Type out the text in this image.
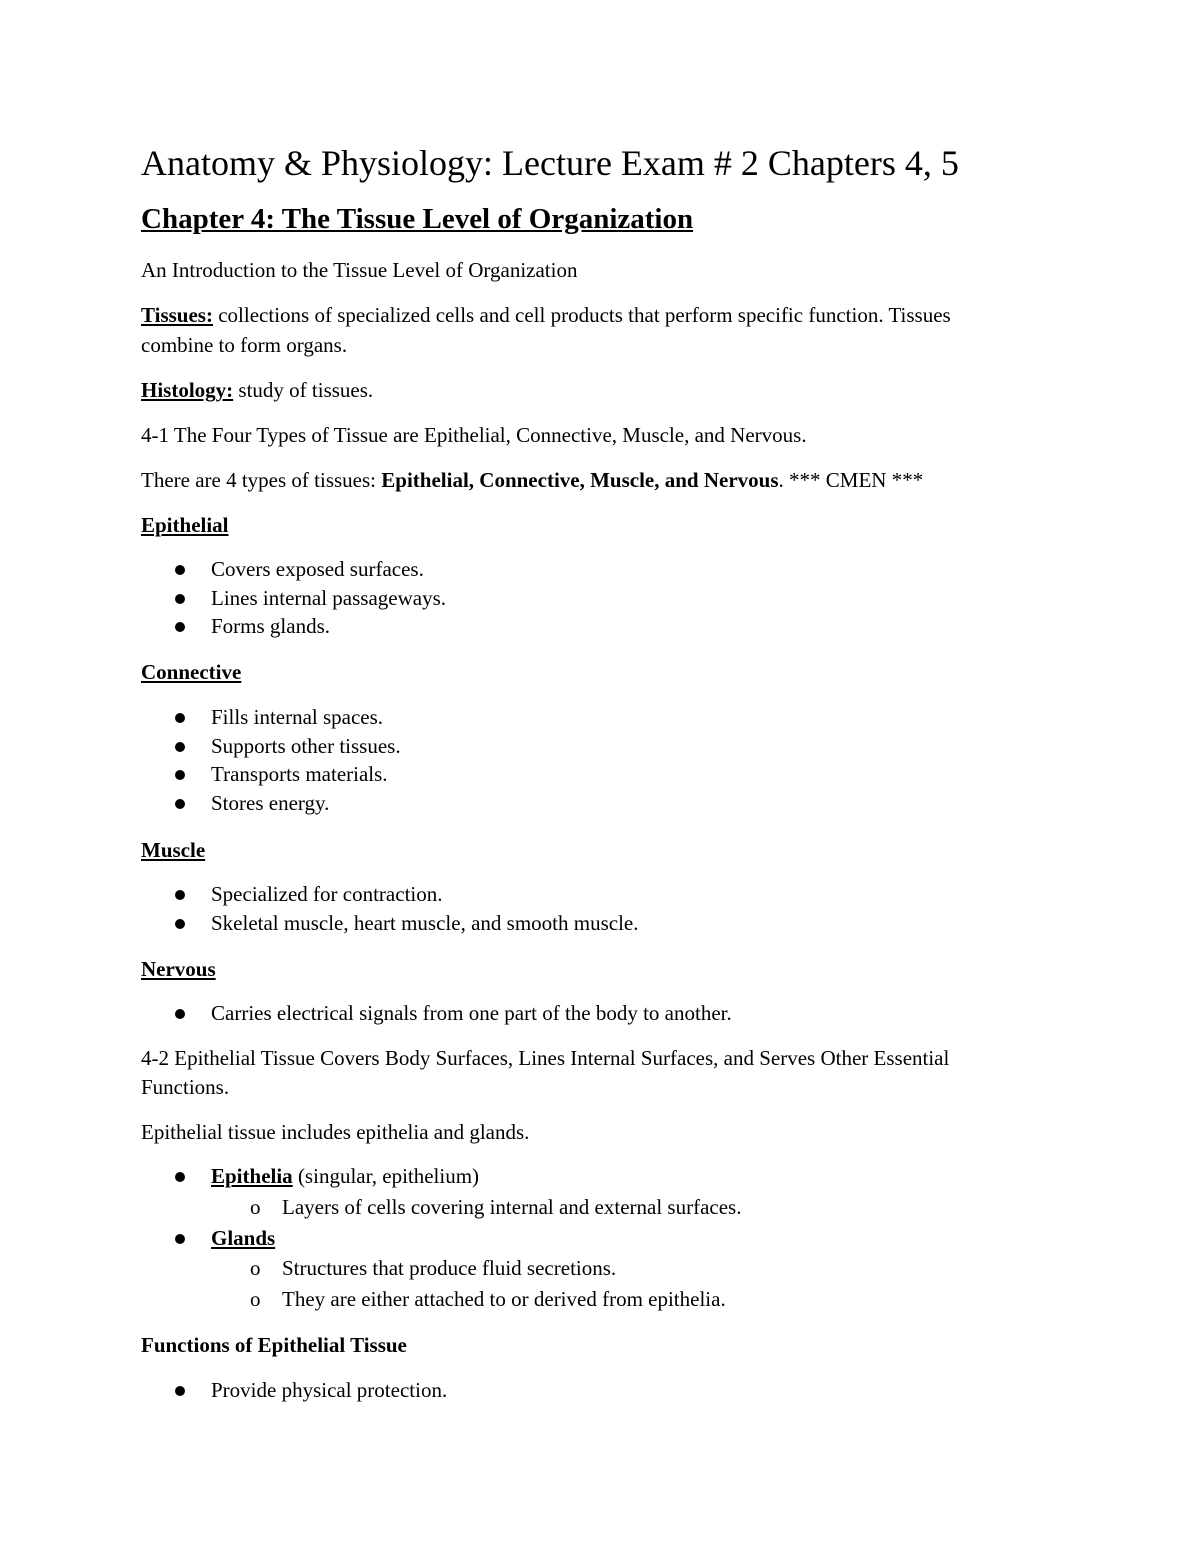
Anatomy & Physiology: Lecture Exam # 2 Chapters 4, 5
Chapter 4: The Tissue Level of Organization
An Introduction to the Tissue Level of Organization
Tissues: collections of specialized cells and cell products that perform specific function. Tissues
combine to form organs.
Histology: study of tissues.
4-1 The Four Types of Tissue are Epithelial, Connective, Muscle, and Nervous.
There are 4 types of tissues: Epithelial, Connective, Muscle, and Nervous. *** CMEN ***
Epithelial
Covers exposed surfaces.
Lines internal passageways.
Forms glands.
Connective
Fills internal spaces.
Supports other tissues.
Transports materials.
Stores energy.
Muscle
Specialized for contraction.
Skeletal muscle, heart muscle, and smooth muscle.
Nervous
Carries electrical signals from one part of the body to another.
4-2 Epithelial Tissue Covers Body Surfaces, Lines Internal Surfaces, and Serves Other Essential
Functions.
Epithelial tissue includes epithelia and glands.
Epithelia (singular, epithelium)
o Layers of cells covering internal and external surfaces.
Glands
o Structures that produce fluid secretions.
o They are either attached to or derived from epithelia.
Functions of Epithelial Tissue
Provide physical protection.
